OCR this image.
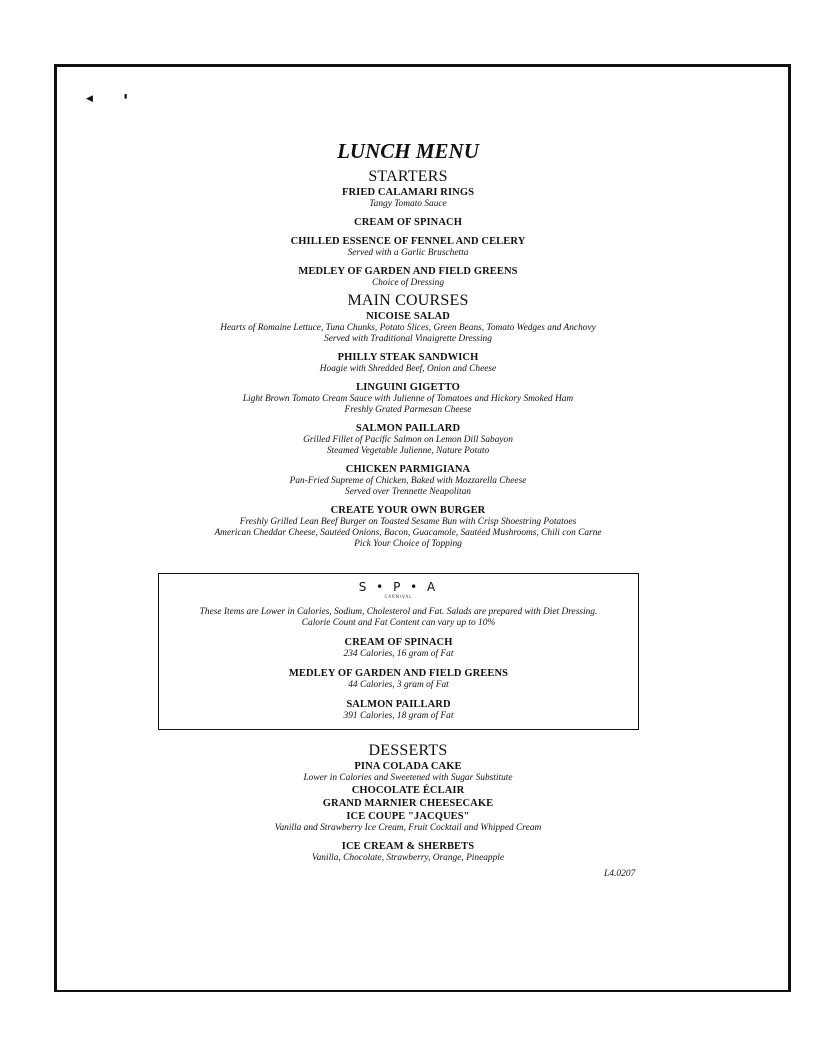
◀	▮
LUNCH MENU
STARTERS
FRIED CALAMARI RINGS
Tangy Tomato Sauce
CREAM OF SPINACH
CHILLED ESSENCE OF FENNEL AND CELERY
Served with a Garlic Bruschetta
MEDLEY OF GARDEN AND FIELD GREENS
Choice of Dressing
MAIN COURSES
NICOISE SALAD
Hearts of Romaine Lettuce, Tuna Chunks, Potato Slices, Green Beans, Tomato Wedges and Anchovy
Served with Traditional Vinaigrette Dressing
PHILLY STEAK SANDWICH
Hoagie with Shredded Beef, Onion and Cheese
LINGUINI GIGETTO
Light Brown Tomato Cream Sauce with Julienne of Tomatoes and Hickory Smoked Ham
Freshly Grated Parmesan Cheese
SALMON PAILLARD
Grilled Fillet of Pacific Salmon on Lemon Dill Sabayon
Steamed Vegetable Julienne, Nature Potato
CHICKEN PARMIGIANA
Pan-Fried Supreme of Chicken, Baked with Mozzarella Cheese
Served over Trennette Neapolitan
CREATE YOUR OWN BURGER
Freshly Grilled Lean Beef Burger on Toasted Sesame Bun with Crisp Shoestring Potatoes
American Cheddar Cheese, Sautéed Onions, Bacon, Guacamole, Sautéed Mushrooms, Chili con Carne
Pick Your Choice of Topping
S • P • A
CARNIVAL
These Items are Lower in Calories, Sodium, Cholesterol and Fat. Salads are prepared with Diet Dressing.
Calorie Count and Fat Content can vary up to 10%
CREAM OF SPINACH
234 Calories, 16 gram of Fat
MEDLEY OF GARDEN AND FIELD GREENS
44 Calories, 3 gram of Fat
SALMON PAILLARD
391 Calories, 18 gram of Fat
DESSERTS
PINA COLADA CAKE
Lower in Calories and Sweetened with Sugar Substitute
CHOCOLATE ÉCLAIR
GRAND MARNIER CHEESECAKE
ICE COUPE "JACQUES"
Vanilla and Strawberry Ice Cream, Fruit Cocktail and Whipped Cream
ICE CREAM & SHERBETS
Vanilla, Chocolate, Strawberry, Orange, Pineapple
L4.0207
